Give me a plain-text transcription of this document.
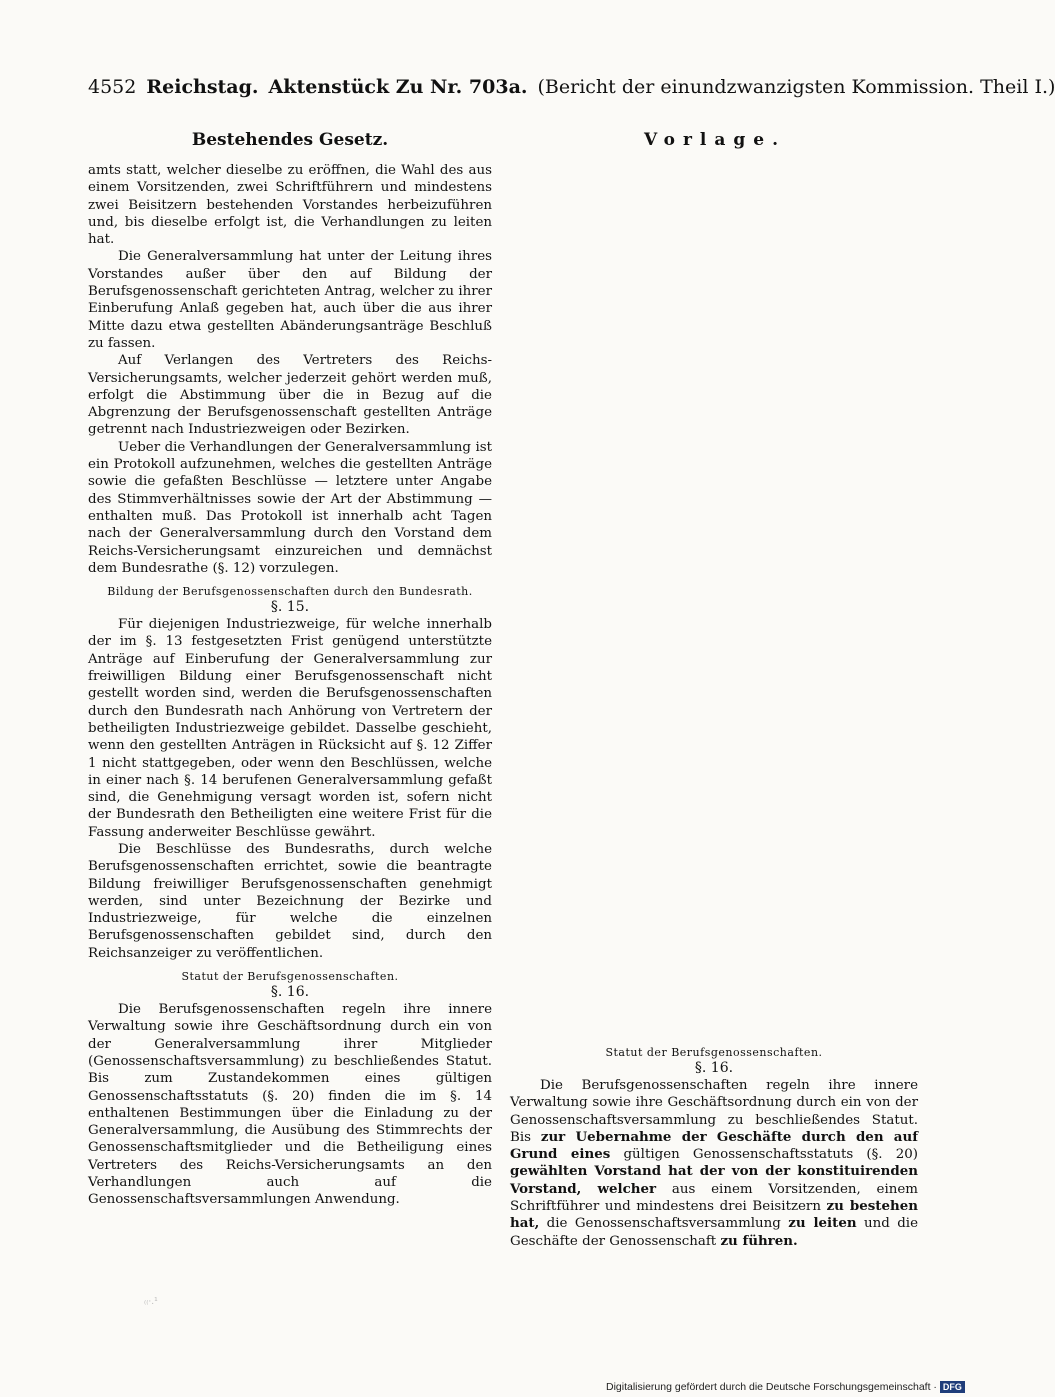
4552 Reichstag. Aktenstück Zu Nr. 703a. (Bericht der einundzwanzigsten Kommission. Theil I.)
Bestehendes Gesetz.	Vorlage.

amts statt, welcher dieselbe zu eröffnen, die Wahl des aus einem Vorsitzenden, zwei Schriftführern und mindestens zwei Beisitzern bestehenden Vorstandes herbeizuführen und, bis dieselbe erfolgt ist, die Verhandlungen zu leiten hat.

Die Generalversammlung hat unter der Leitung ihres Vorstandes außer über den auf Bildung der Berufsgenossenschaft gerichteten Antrag, welcher zu ihrer Einberufung Anlaß gegeben hat, auch über die aus ihrer Mitte dazu etwa gestellten Abänderungsanträge Beschluß zu fassen.

Auf Verlangen des Vertreters des Reichs-Versicherungsamts, welcher jederzeit gehört werden muß, erfolgt die Abstimmung über die in Bezug auf die Abgrenzung der Berufsgenossenschaft gestellten Anträge getrennt nach Industriezweigen oder Bezirken.

Ueber die Verhandlungen der Generalversammlung ist ein Protokoll aufzunehmen, welches die gestellten Anträge sowie die gefaßten Beschlüsse — letztere unter Angabe des Stimmverhältnisses sowie der Art der Abstimmung — enthalten muß. Das Protokoll ist innerhalb acht Tagen nach der Generalversammlung durch den Vorstand dem Reichs-Versicherungsamt einzureichen und demnächst dem Bundesrathe (§. 12) vorzulegen.

Bildung der Berufsgenossenschaften durch den Bundesrath.

§. 15.

Für diejenigen Industriezweige, für welche innerhalb der im §. 13 festgesetzten Frist genügend unterstützte Anträge auf Einberufung der Generalversammlung zur freiwilligen Bildung einer Berufsgenossenschaft nicht gestellt worden sind, werden die Berufsgenossenschaften durch den Bundesrath nach Anhörung von Vertretern der betheiligten Industriezweige gebildet. Dasselbe geschieht, wenn den gestellten Anträgen in Rücksicht auf §. 12 Ziffer 1 nicht stattgegeben, oder wenn den Beschlüssen, welche in einer nach §. 14 berufenen Generalversammlung gefaßt sind, die Genehmigung versagt worden ist, sofern nicht der Bundesrath den Betheiligten eine weitere Frist für die Fassung anderweiter Beschlüsse gewährt.

Die Beschlüsse des Bundesraths, durch welche Berufsgenossenschaften errichtet, sowie die beantragte Bildung freiwilliger Berufsgenossenschaften genehmigt werden, sind unter Bezeichnung der Bezirke und Industriezweige, für welche die einzelnen Berufsgenossenschaften gebildet sind, durch den Reichsanzeiger zu veröffentlichen.

Statut der Berufsgenossenschaften.

§. 16.

Die Berufsgenossenschaften regeln ihre innere Verwaltung sowie ihre Geschäftsordnung durch ein von der Generalversammlung ihrer Mitglieder (Genossenschaftsversammlung) zu beschließendes Statut. Bis zum Zustandekommen eines gültigen Genossenschaftsstatuts (§. 20) finden die im §. 14 enthaltenen Bestimmungen über die Einladung zu der Generalversammlung, die Ausübung des Stimmrechts der Genossenschaftsmitglieder und die Betheiligung eines Vertreters des Reichs-Versicherungsamts an den Verhandlungen auch auf die Genossenschaftsversammlungen Anwendung.

Statut der Berufsgenossenschaften.

§. 16.

Die Berufsgenossenschaften regeln ihre innere Verwaltung sowie ihre Geschäftsordnung durch ein von der Genossenschaftsversammlung zu beschließendes Statut. Bis zur Uebernahme der Geschäfte durch den auf Grund eines gültigen Genossenschaftsstatuts (§. 20) gewählten Vorstand hat der von der konstituirenden Vorstand, welcher aus einem Vorsitzenden, einem Schriftführer und mindestens drei Beisitzern zu bestehen hat, die Genossenschaftsversammlung zu leiten und die Geschäfte der Genossenschaft zu führen.

₍₍·.¹
Digitalisierung gefördert durch die Deutsche Forschungsgemeinschaft · DFG
